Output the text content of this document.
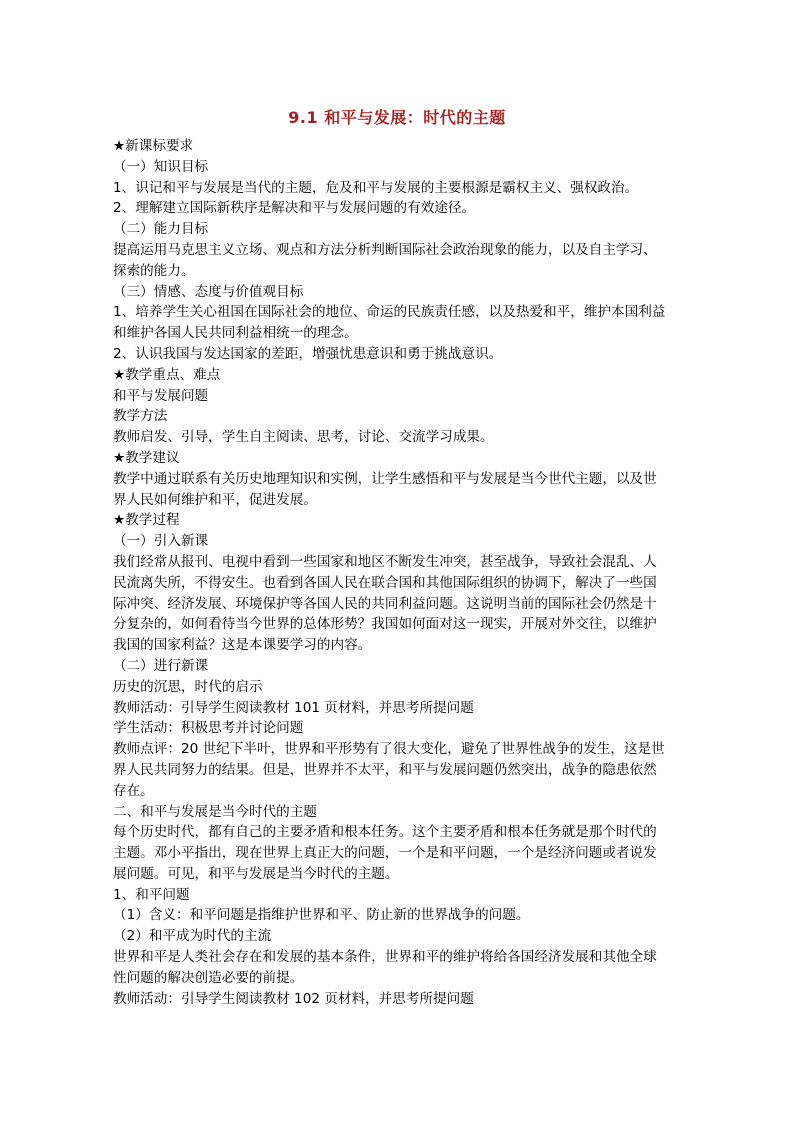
9.1 和平与发展：时代的主题
★新课标要求
（一）知识目标
1、识记和平与发展是当代的主题，危及和平与发展的主要根源是霸权主义、强权政治。
2、理解建立国际新秩序是解决和平与发展问题的有效途径。
（二）能力目标
提高运用马克思主义立场、观点和方法分析判断国际社会政治现象的能力，以及自主学习、
探索的能力。
（三）情感、态度与价值观目标
1、培养学生关心祖国在国际社会的地位、命运的民族责任感，以及热爱和平，维护本国利益
和维护各国人民共同利益相统一的理念。
2、认识我国与发达国家的差距，增强忧患意识和勇于挑战意识。
★教学重点、难点
和平与发展问题
教学方法
教师启发、引导，学生自主阅读、思考，讨论、交流学习成果。
★教学建议
教学中通过联系有关历史地理知识和实例，让学生感悟和平与发展是当今世代主题，以及世
界人民如何维护和平，促进发展。
★教学过程
（一）引入新课
我们经常从报刊、电视中看到一些国家和地区不断发生冲突，甚至战争，导致社会混乱、人
民流离失所，不得安生。也看到各国人民在联合国和其他国际组织的协调下，解决了一些国
际冲突、经济发展、环境保护等各国人民的共同利益问题。这说明当前的国际社会仍然是十
分复杂的，如何看待当今世界的总体形势？我国如何面对这一现实，开展对外交往，以维护
我国的国家利益？这是本课要学习的内容。
（二）进行新课
历史的沉思，时代的启示
教师活动：引导学生阅读教材 101 页材料，并思考所提问题
学生活动：积极思考并讨论问题
教师点评：20 世纪下半叶，世界和平形势有了很大变化，避免了世界性战争的发生，这是世
界人民共同努力的结果。但是，世界并不太平，和平与发展问题仍然突出，战争的隐患依然
存在。
二、和平与发展是当今时代的主题
每个历史时代，都有自己的主要矛盾和根本任务。这个主要矛盾和根本任务就是那个时代的
主题。邓小平指出，现在世界上真正大的问题，一个是和平问题，一个是经济问题或者说发
展问题。可见，和平与发展是当今时代的主题。
1、和平问题
（1）含义：和平问题是指维护世界和平、防止新的世界战争的问题。
（2）和平成为时代的主流
世界和平是人类社会存在和发展的基本条件，世界和平的维护将给各国经济发展和其他全球
性问题的解决创造必要的前提。
教师活动：引导学生阅读教材 102 页材料，并思考所提问题
